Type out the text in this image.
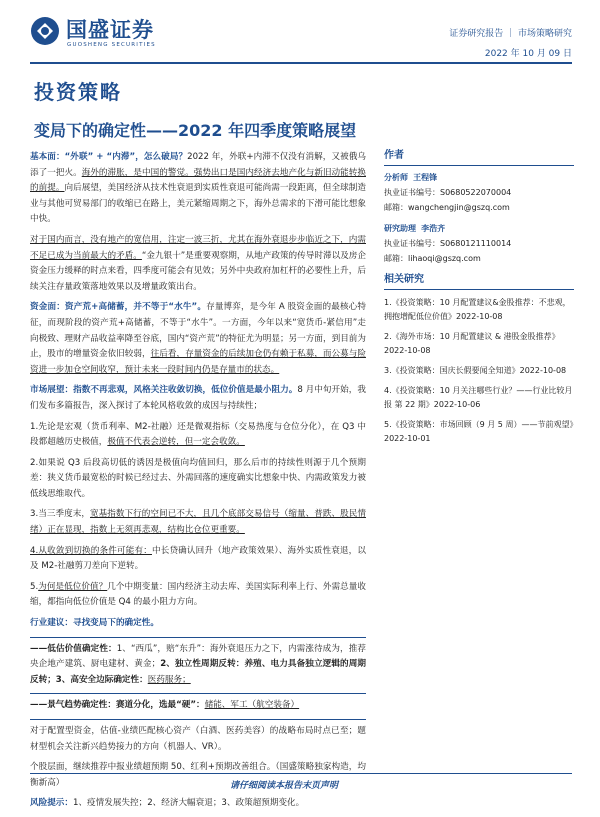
国盛证券
GUOSHENG SECURITIES
证券研究报告 ｜ 市场策略研究
2022 年 10 月 09 日
投资策略
变局下的确定性——2022 年四季度策略展望

基本面：“外联” + “内滞”，怎么破局？2022 年，外联+内滞不仅没有消解，又被俄乌添了一把火。海外的滞胀，是中国的警觉。强势出口是国内经济去地产化与新旧动能转换的前提。向后展望，美国经济从技术性衰退到实质性衰退可能尚需一段距离，但全球制造业与其他可贸易部门的收缩已在路上，美元紧缩周期之下，海外总需求的下滑可能比想象中快。

对于国内而言，没有地产的宽信用，注定一波三折，尤其在海外衰退步步临近之下，内需不足已成为当前最大的矛盾。“金九银十”是重要观察期，从地产政策的传导时滞以及房企资金压力缓释的时点来看，四季度可能会有见效；另外中央政府加杠杆的必要性上升，后续关注存量政策落地效果以及增量政策出台。

资金面：资产荒+高储蓄，并不等于“水牛”。存量博弈，是今年 A 股资金面的最核心特征，而现阶段的资产荒+高储蓄，不等于“水牛”。一方面，今年以来“宽货币-紧信用”走向极致、理财产品收益率降至谷底，国内“资产荒”的特征尤为明显；另一方面，到目前为止，股市的增量资金依旧较弱，往后看，存量资金的后续加仓仍有赖于私募，而公募与险资进一步加仓空间收窄，预计未来一段时间内仍是存量市的状态。

市场展望：指数不再悲观，风格关注收敛切换，低位价值是最小阻力。8 月中旬开始，我们发布多篇报告，深入探讨了本轮风格收敛的成因与持续性；

1.先论是宏观（货币利率、M2-社融）还是微观指标（交易热度与仓位分化），在 Q3 中段都超越历史极值，极值不代表会逆转，但一定会收敛。

2.如果说 Q3 后段高切低的诱因是极值向均值回归，那么后市的持续性则源于几个预期差：狭义货币最宽松的时候已经过去、外需回落的速度确实比想象中快、内需政策发力被低线思维取代。

3.当三季度末，宽基指数下行的空间已不大，且几个底部交易信号（缩量、普跌、股民情绪）正在显现，指数上无须再悲观，结构比仓位更重要。

4.从收敛到切换的条件可能有：中长贷确认回升（地产政策效果）、海外实质性衰退，以及 M2-社融剪刀差向下逆转。

5.为何是低位价值？几个中期变量：国内经济主动去库、美国实际利率上行、外需总量收缩，都指向低位价值是 Q4 的最小阻力方向。

行业建议：寻找变局下的确定性。

——低估价值确定性：1、“西瓜”，赔“东升”：海外衰退压力之下，内需涨待成为，推荐央企地产建筑、厨电建材、黄金；2、独立性周期反转：养殖、电力具备独立逻辑的周期反转；3、高安全边际确定性：医药服务；

——景气趋势确定性：赛道分化，选最“硬”：储能、军工（航空装备）

对于配置型资金，估值-业绩匹配核心资产（白酒、医药美容）的战略布局时点已至；题材型机会关注新兴趋势接力的方向（机器人、VR）。

个股层面，继续推荐中报业绩超预期 50、红利+预期改善组合。（国盛策略独家构造，均衡新高）

风险提示：1、疫情发展失控；2、经济大幅衰退；3、政策超预期变化。

作者
分析师 王程锋
执业证书编号：S0680522070004
邮箱：wangchengjin@gszq.com
研究助理 李浩齐
执业证书编号：S0680121110014
邮箱：lihaoqi@gszq.com
相关研究

1.《投资策略：10 月配置建议&金股推荐：不悲观，拥抱增配低位价值》2022-10-08

2.《海外市场：10 月配置建议 & 港股金股推荐》2022-10-08

3.《投资策略：国庆长假要闻全知道》2022-10-08

4.《投资策略：10 月关注哪些行业？——行业比较月报 第 22 期》2022-10-06

5.《投资策略：市场回顾（9 月 5 周）——节前观望》2022-10-01

请仔细阅读本报告末页声明
